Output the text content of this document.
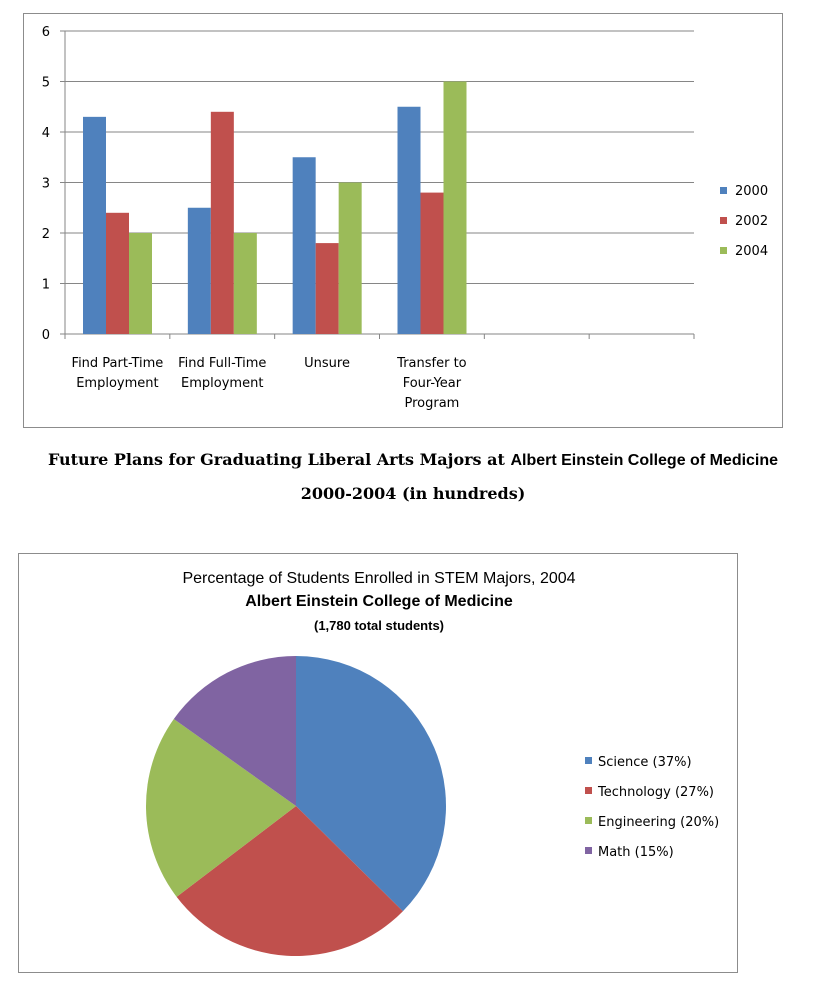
0
1
2
3
4
5
6
Find Part-Time
Employment
Find Full-Time
Employment
Unsure	Transfer to
Four-Year
Program
2000
2002
2004
Future Plans for Graduating Liberal Arts Majors at Albert Einstein College of Medicine
2000-2004 (in hundreds)
Percentage of Students Enrolled in STEM Majors, 2004
Albert Einstein College of Medicine
(1,780 total students)
Science (37%)
Technology (27%)
Engineering (20%)
Math (15%)
